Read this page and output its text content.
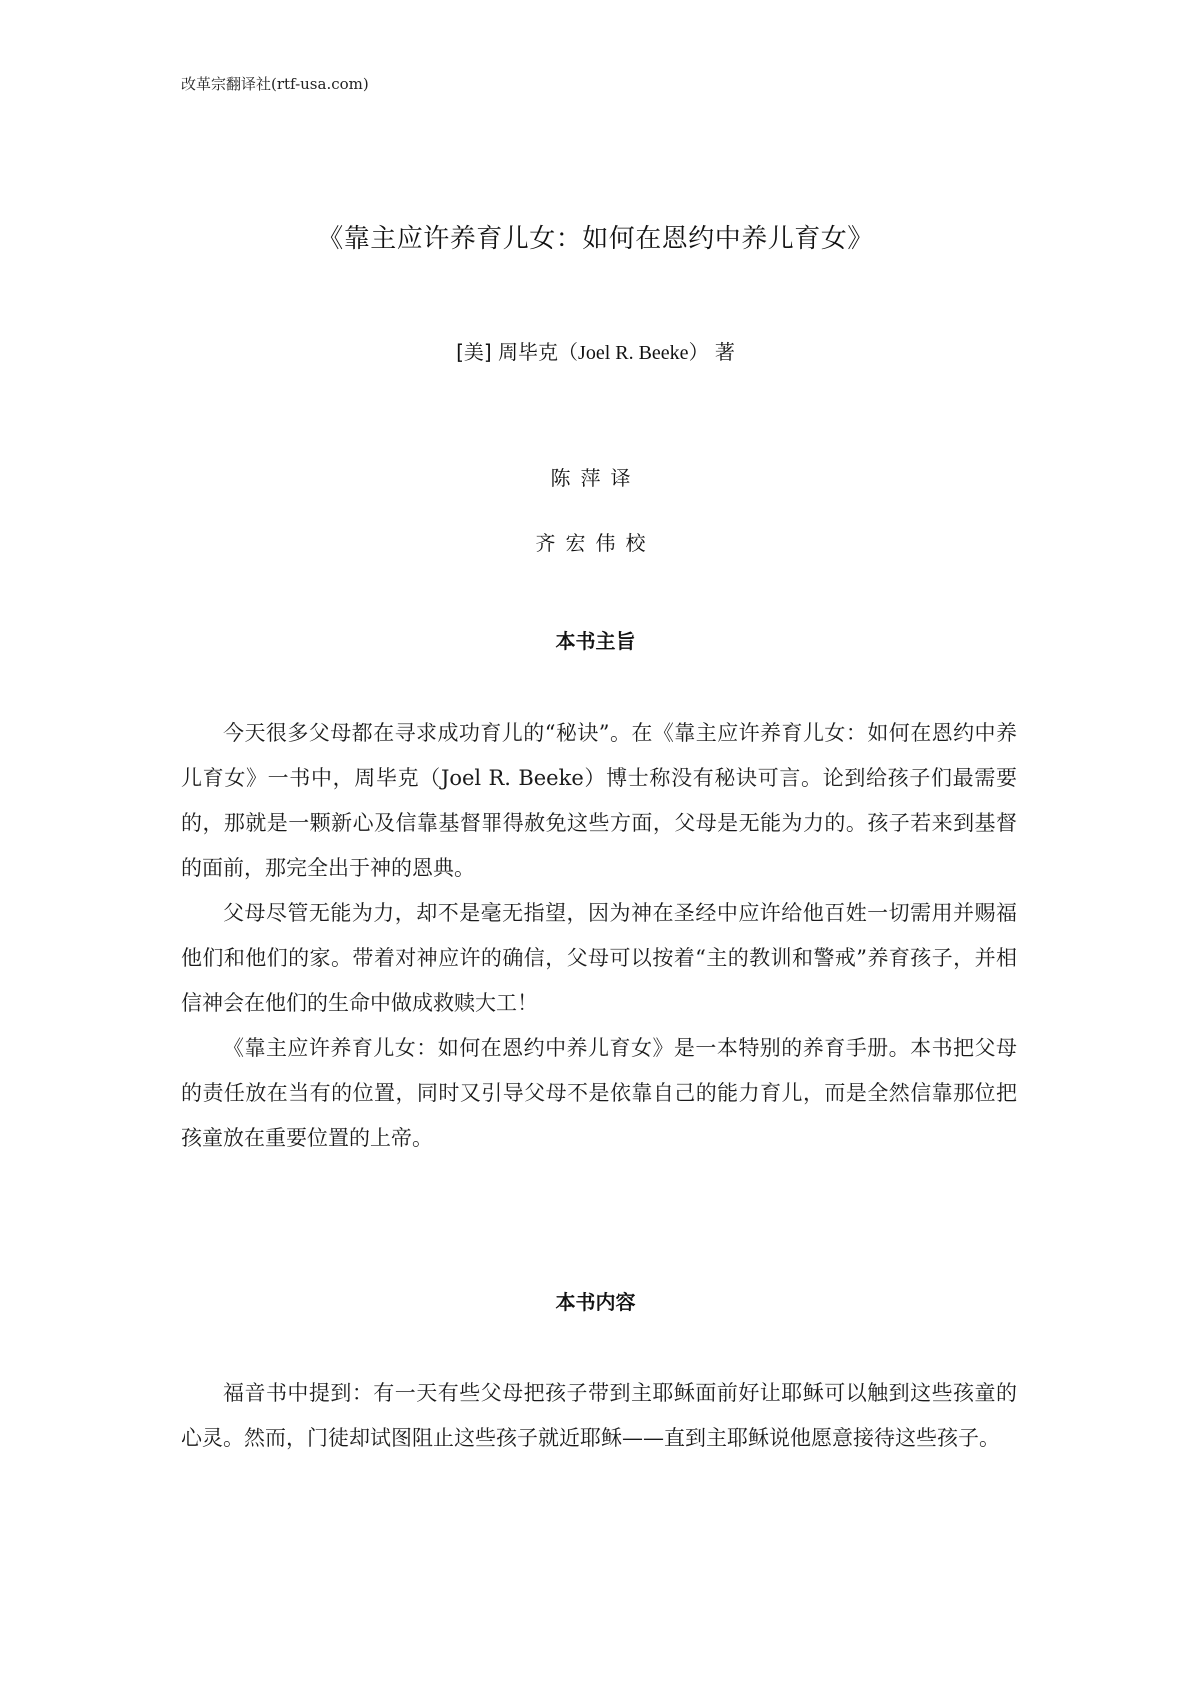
改革宗翻译社(rtf-usa.com)
《靠主应许养育儿女：如何在恩约中养儿育女》
[美] 周毕克（Joel R. Beeke） 著
陈萍译
齐宏伟校
本书主旨

今天很多父母都在寻求成功育儿的“秘诀”。在《靠主应许养育儿女：如何在恩约中养儿育女》一书中，周毕克（Joel R. Beeke）博士称没有秘诀可言。论到给孩子们最需要的，那就是一颗新心及信靠基督罪得赦免这些方面，父母是无能为力的。孩子若来到基督的面前，那完全出于神的恩典。

父母尽管无能为力，却不是毫无指望，因为神在圣经中应许给他百姓一切需用并赐福他们和他们的家。带着对神应许的确信，父母可以按着“主的教训和警戒”养育孩子，并相信神会在他们的生命中做成救赎大工！

《靠主应许养育儿女：如何在恩约中养儿育女》是一本特别的养育手册。本书把父母的责任放在当有的位置，同时又引导父母不是依靠自己的能力育儿，而是全然信靠那位把孩童放在重要位置的上帝。

本书内容

福音书中提到：有一天有些父母把孩子带到主耶稣面前好让耶稣可以触到这些孩童的心灵。然而，门徒却试图阻止这些孩子就近耶稣——直到主耶稣说他愿意接待这些孩子。
